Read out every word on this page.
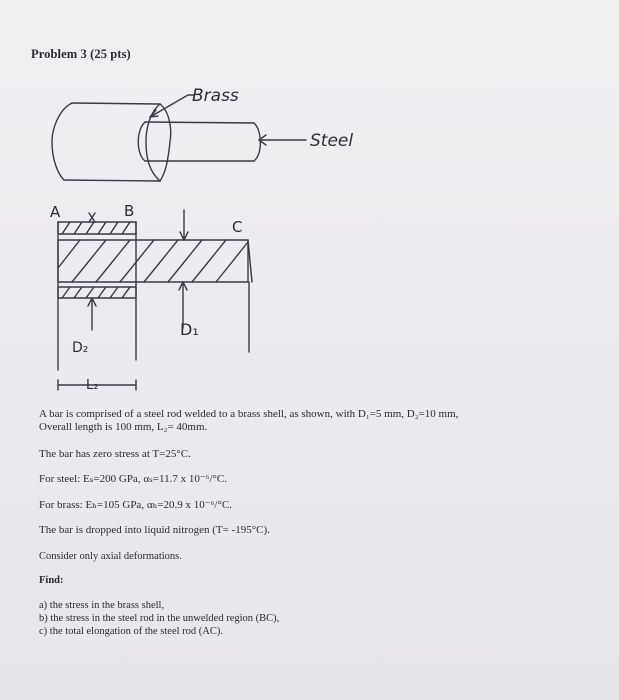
Problem 3 (25 pts)
Brass
Steel
A	B
C
D₁
D₂
L₂

A bar is comprised of a steel rod welded to a brass shell, as shown, with D₁=5 mm, D₂=10 mm,

Overall length is 100 mm, L₂= 40mm.

The bar has zero stress at T=25°C.
For steel: Eₛ=200 GPa, αₛ=11.7 x 10⁻⁶/°C.
For brass: Eₕ=105 GPa, αₕ=20.9 x 10⁻⁶/°C.
The bar is dropped into liquid nitrogen (T= -195°C).
Consider only axial deformations.
Find:

a) the stress in the brass shell,

b) the stress in the steel rod in the unwelded region (BC),

c) the total elongation of the steel rod (AC).
